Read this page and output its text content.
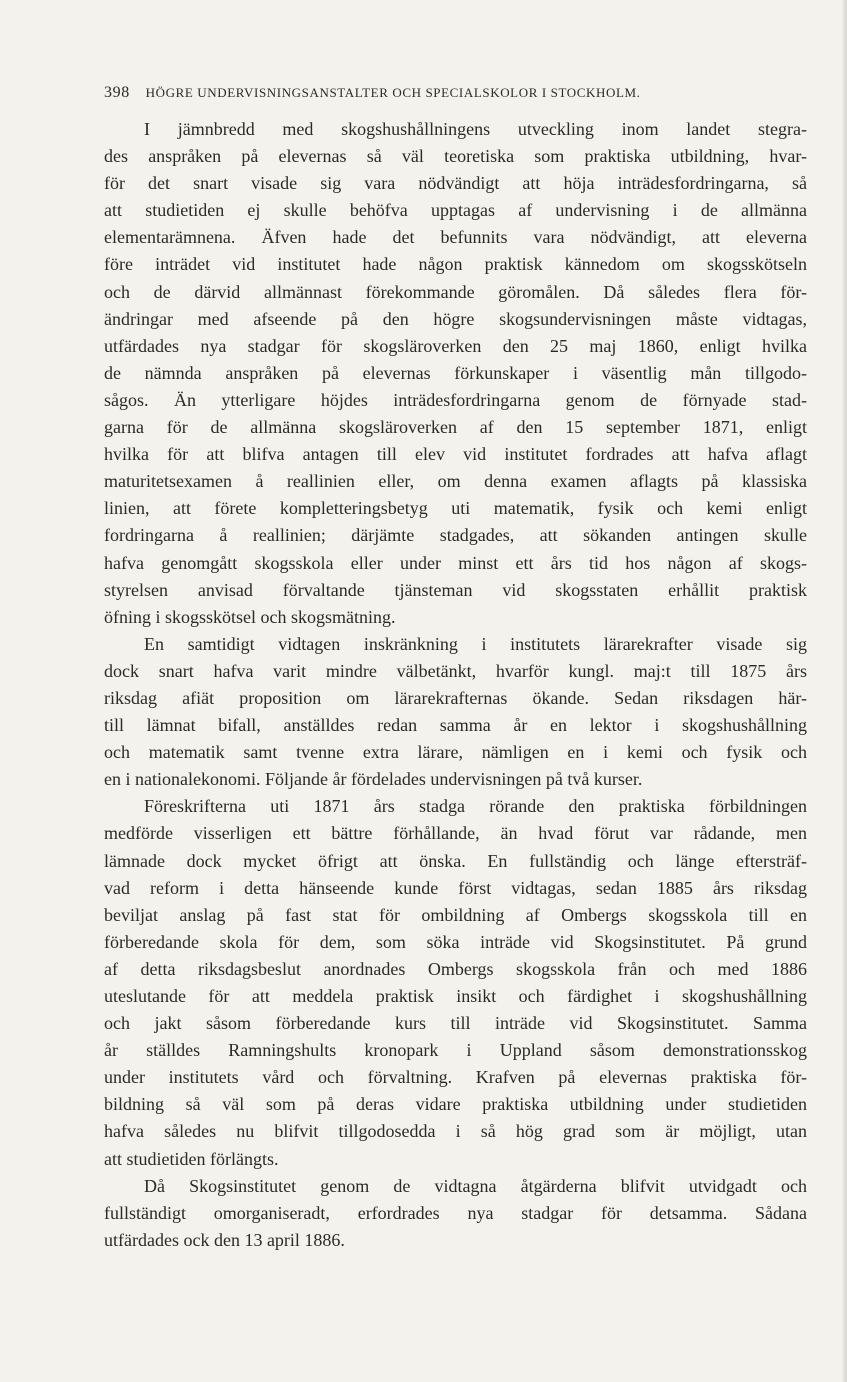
398 HÖGRE UNDERVISNINGSANSTALTER OCH SPECIALSKOLOR I STOCKHOLM.
I jämnbredd med skogshushållningens utveckling inom landet stegra-
des anspråken på elevernas så väl teoretiska som praktiska utbildning, hvar-
för det snart visade sig vara nödvändigt att höja inträdesfordringarna, så
att studietiden ej skulle behöfva upptagas af undervisning i de allmänna
elementarämnena. Äfven hade det befunnits vara nödvändigt, att eleverna
före inträdet vid institutet hade någon praktisk kännedom om skogsskötseln
och de därvid allmännast förekommande göromålen. Då således flera för-
ändringar med afseende på den högre skogsundervisningen måste vidtagas,
utfärdades nya stadgar för skogsläroverken den 25 maj 1860, enligt hvilka
de nämnda anspråken på elevernas förkunskaper i väsentlig mån tillgodo-
sågos. Än ytterligare höjdes inträdesfordringarna genom de förnyade stad-
garna för de allmänna skogsläroverken af den 15 september 1871, enligt
hvilka för att blifva antagen till elev vid institutet fordrades att hafva aflagt
maturitetsexamen å reallinien eller, om denna examen aflagts på klassiska
linien, att förete kompletteringsbetyg uti matematik, fysik och kemi enligt
fordringarna å reallinien; därjämte stadgades, att sökanden antingen skulle
hafva genomgått skogsskola eller under minst ett års tid hos någon af skogs-
styrelsen anvisad förvaltande tjänsteman vid skogsstaten erhållit praktisk
öfning i skogsskötsel och skogsmätning.
En samtidigt vidtagen inskränkning i institutets lärarekrafter visade sig
dock snart hafva varit mindre välbetänkt, hvarför kungl. maj:t till 1875 års
riksdag afiät proposition om lärarekrafternas ökande. Sedan riksdagen här-
till lämnat bifall, anställdes redan samma år en lektor i skogshushållning
och matematik samt tvenne extra lärare, nämligen en i kemi och fysik och
en i nationalekonomi. Följande år fördelades undervisningen på två kurser.
Föreskrifterna uti 1871 års stadga rörande den praktiska förbildningen
medförde visserligen ett bättre förhållande, än hvad förut var rådande, men
lämnade dock mycket öfrigt att önska. En fullständig och länge eftersträf-
vad reform i detta hänseende kunde först vidtagas, sedan 1885 års riksdag
beviljat anslag på fast stat för ombildning af Ombergs skogsskola till en
förberedande skola för dem, som söka inträde vid Skogsinstitutet. På grund
af detta riksdagsbeslut anordnades Ombergs skogsskola från och med 1886
uteslutande för att meddela praktisk insikt och färdighet i skogshushållning
och jakt såsom förberedande kurs till inträde vid Skogsinstitutet. Samma
år ställdes Ramningshults kronopark i Uppland såsom demonstrationsskog
under institutets vård och förvaltning. Krafven på elevernas praktiska för-
bildning så väl som på deras vidare praktiska utbildning under studietiden
hafva således nu blifvit tillgodosedda i så hög grad som är möjligt, utan
att studietiden förlängts.
Då Skogsinstitutet genom de vidtagna åtgärderna blifvit utvidgadt och
fullständigt omorganiseradt, erfordrades nya stadgar för detsamma. Sådana
utfärdades ock den 13 april 1886.
